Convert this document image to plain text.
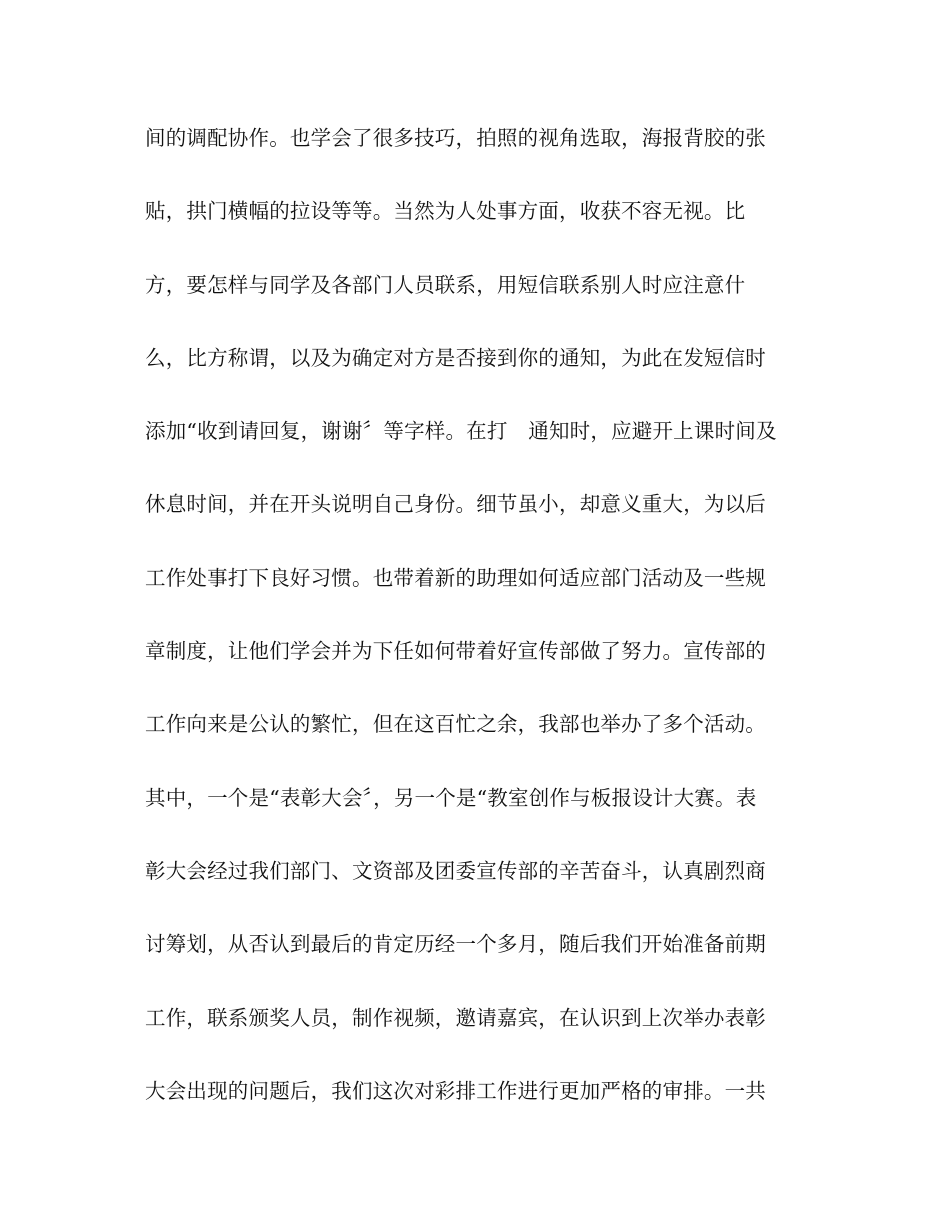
间的调配协作。也学会了很多技巧，拍照的视角选取，海报背胶的张
贴，拱门横幅的拉设等等。当然为人处事方面，收获不容无视。比
方，要怎样与同学及各部门人员联系，用短信联系别人时应注意什
么，比方称谓，以及为确定对方是否接到你的通知，为此在发短信时
添加“收到请回复，谢谢〞等字样。在打　通知时，应避开上课时间及
休息时间，并在开头说明自己身份。细节虽小，却意义重大，为以后
工作处事打下良好习惯。也带着新的助理如何适应部门活动及一些规
章制度，让他们学会并为下任如何带着好宣传部做了努力。宣传部的
工作向来是公认的繁忙，但在这百忙之余，我部也举办了多个活动。
其中，一个是“表彰大会〞，另一个是“教室创作与板报设计大赛。表
彰大会经过我们部门、文资部及团委宣传部的辛苦奋斗，认真剧烈商
讨筹划，从否认到最后的肯定历经一个多月，随后我们开始准备前期
工作，联系颁奖人员，制作视频，邀请嘉宾，在认识到上次举办表彰
大会出现的问题后，我们这次对彩排工作进行更加严格的审排。一共
